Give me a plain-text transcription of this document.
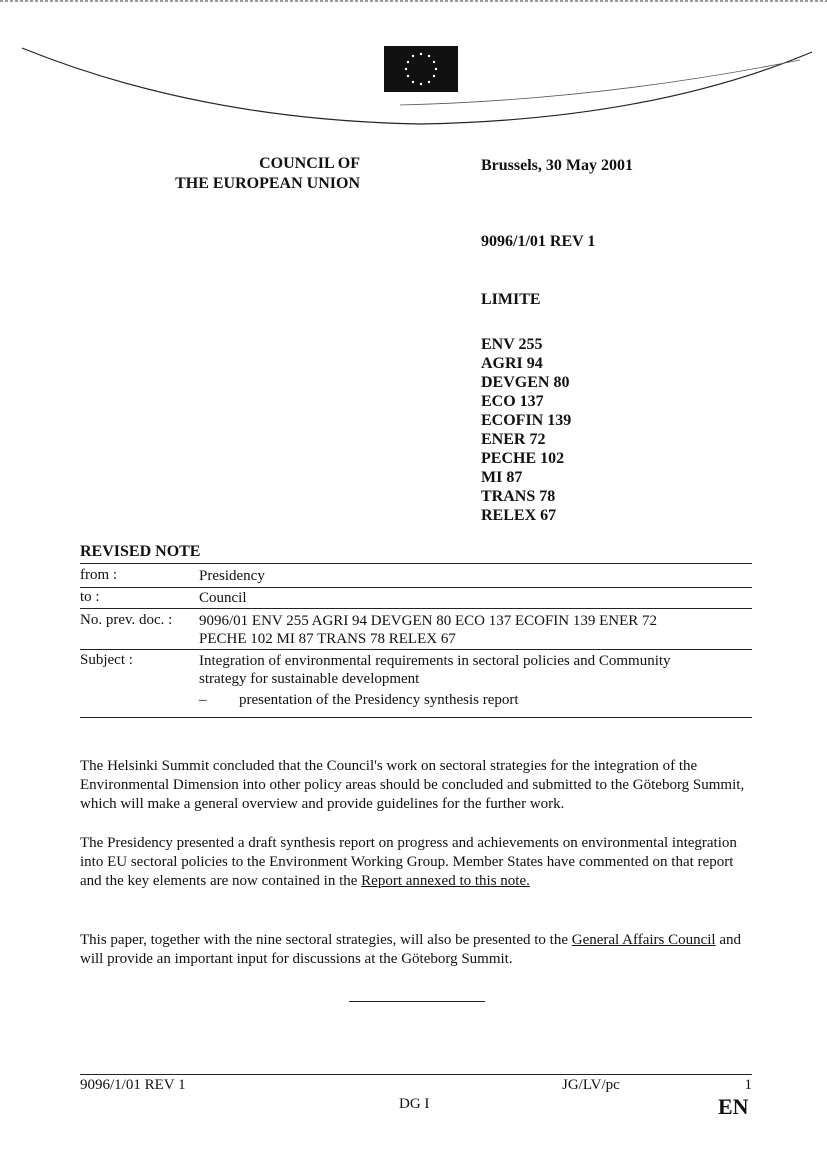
COUNCIL OF
THE EUROPEAN UNION
Brussels, 30 May 2001
9096/1/01 REV 1
LIMITE
ENV 255
AGRI 94
DEVGEN 80
ECO 137
ECOFIN 139
ENER 72
PECHE 102
MI 87
TRANS 78
RELEX 67
REVISED NOTE
from :	Presidency
to :	Council
No. prev. doc. : 9096/01 ENV 255 AGRI 94 DEVGEN 80 ECO 137 ECOFIN 139 ENER 72
PECHE 102 MI 87 TRANS 78 RELEX 67
Subject :	Integration of environmental requirements in sectoral policies and Community
strategy for sustainable development
– presentation of the Presidency synthesis report
The Helsinki Summit concluded that the Council's work on sectoral strategies for the integration of the Environmental Dimension into other policy areas should be concluded and submitted to the Göteborg Summit, which will make a general overview and provide guidelines for the further work.
The Presidency presented a draft synthesis report on progress and achievements on environmental integration into EU sectoral policies to the Environment Working Group. Member States have commented on that report and the key elements are now contained in the Report annexed to this note.
This paper, together with the nine sectoral strategies, will also be presented to the General Affairs Council and will provide an important input for discussions at the Göteborg Summit.
9096/1/01 REV 1	JG/LV/pc	1
DG I	EN
